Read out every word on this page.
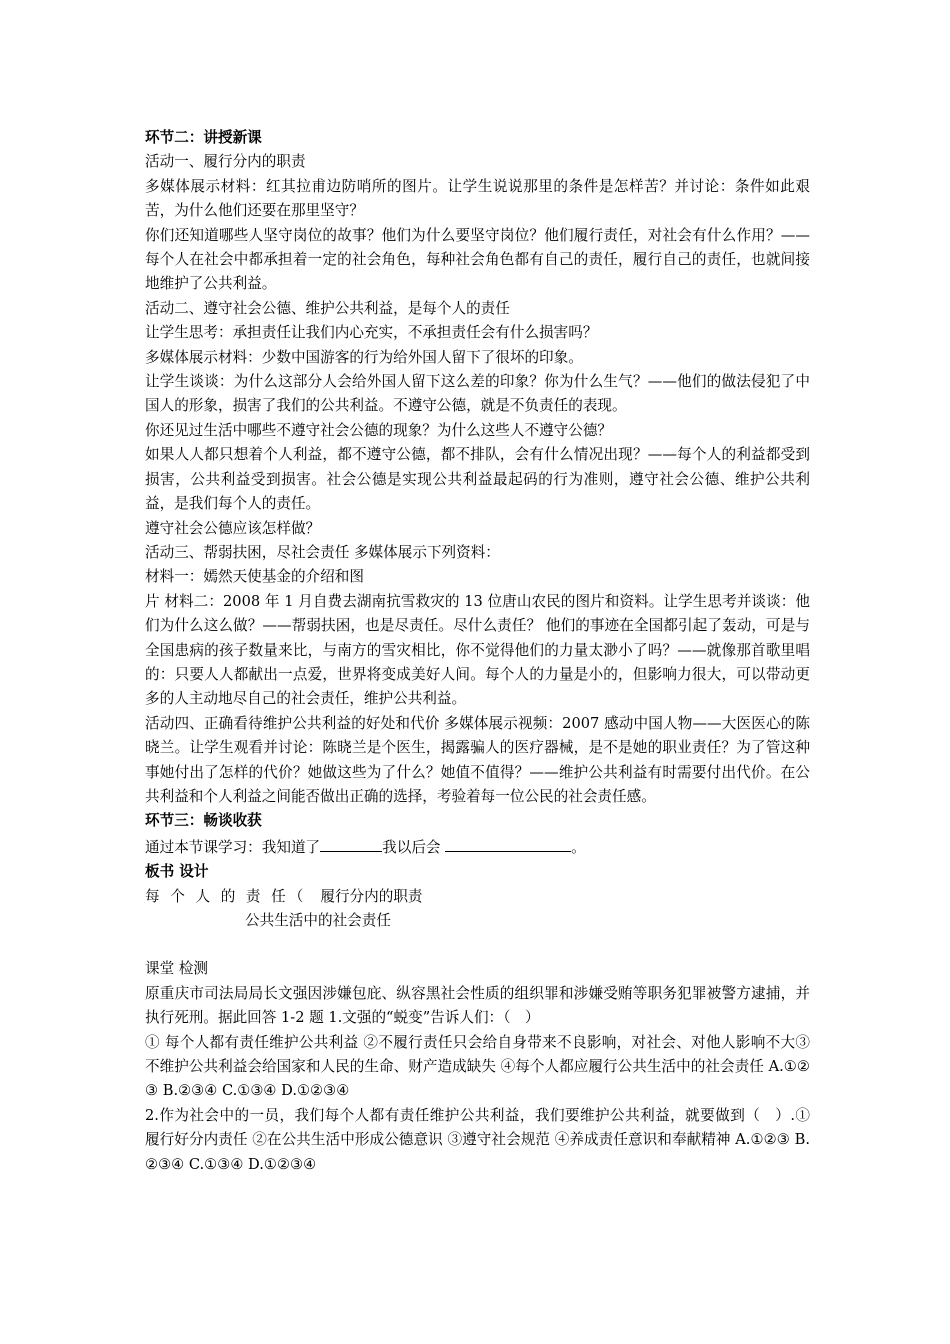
环节二：讲授新课

活动一、履行分内的职责

多媒体展示材料：红其拉甫边防哨所的图片。让学生说说那里的条件是怎样苦？并讨论：条件如此艰苦，为什么他们还要在那里坚守？

你们还知道哪些人坚守岗位的故事？他们为什么要坚守岗位？他们履行责任，对社会有什么作用？——每个人在社会中都承担着一定的社会角色，每种社会角色都有自己的责任，履行自己的责任，也就间接地维护了公共利益。

活动二、遵守社会公德、维护公共利益，是每个人的责任

让学生思考：承担责任让我们内心充实，不承担责任会有什么损害吗？

多媒体展示材料：少数中国游客的行为给外国人留下了很坏的印象。

让学生谈谈：为什么这部分人会给外国人留下这么差的印象？你为什么生气？——他们的做法侵犯了中国人的形象，损害了我们的公共利益。不遵守公德，就是不负责任的表现。

你还见过生活中哪些不遵守社会公德的现象？为什么这些人不遵守公德？

如果人人都只想着个人利益，都不遵守公德，都不排队，会有什么情况出现？——每个人的利益都受到损害，公共利益受到损害。社会公德是实现公共利益最起码的行为准则，遵守社会公德、维护公共利益，是我们每个人的责任。

遵守社会公德应该怎样做？

活动三、帮弱扶困，尽社会责任 多媒体展示下列资料：

材料一：嫣然天使基金的介绍和图

片 材料二：2008 年 1 月自费去湖南抗雪救灾的 13 位唐山农民的图片和资料。让学生思考并谈谈：他们为什么这么做？——帮弱扶困，也是尽责任。尽什么责任？ 他们的事迹在全国都引起了轰动，可是与全国患病的孩子数量来比，与南方的雪灾相比，你不觉得他们的力量太渺小了吗？——就像那首歌里唱的：只要人人都献出一点爱，世界将变成美好人间。每个人的力量是小的，但影响力很大，可以带动更多的人主动地尽自己的社会责任，维护公共利益。

活动四、正确看待维护公共利益的好处和代价 多媒体展示视频：2007 感动中国人物——大医医心的陈晓兰。让学生观看并讨论：陈晓兰是个医生，揭露骗人的医疗器械，是不是她的职业责任？为了管这种事她付出了怎样的代价？她做这些为了什么？她值不值得？——维护公共利益有时需要付出代价。在公共利益和个人利益之间能否做出正确的选择，考验着每一位公民的社会责任感。

环节三：畅谈收获

通过本节课学习：我知道了	我以后会	。

板书 设计

每 个 人 的 责 任（ 履行分内的职责

公共生活中的社会责任

课堂 检测

原重庆市司法局局长文强因涉嫌包庇、纵容黑社会性质的组织罪和涉嫌受贿等职务犯罪被警方逮捕，并执行死刑。据此回答 1-2 题 1.文强的“蜕变”告诉人们：（　）

① 每个人都有责任维护公共利益 ②不履行责任只会给自身带来不良影响，对社会、对他人影响不大③不维护公共利益会给国家和人民的生命、财产造成缺失 ④每个人都应履行公共生活中的社会责任 A.①②③ B.②③④ C.①③④ D.①②③④

2.作为社会中的一员，我们每个人都有责任维护公共利益，我们要维护公共利益，就要做到（　）.① 履行好分内责任 ②在公共生活中形成公德意识 ③遵守社会规范 ④养成责任意识和奉献精神 A.①②③ B.②③④ C.①③④ D.①②③④
